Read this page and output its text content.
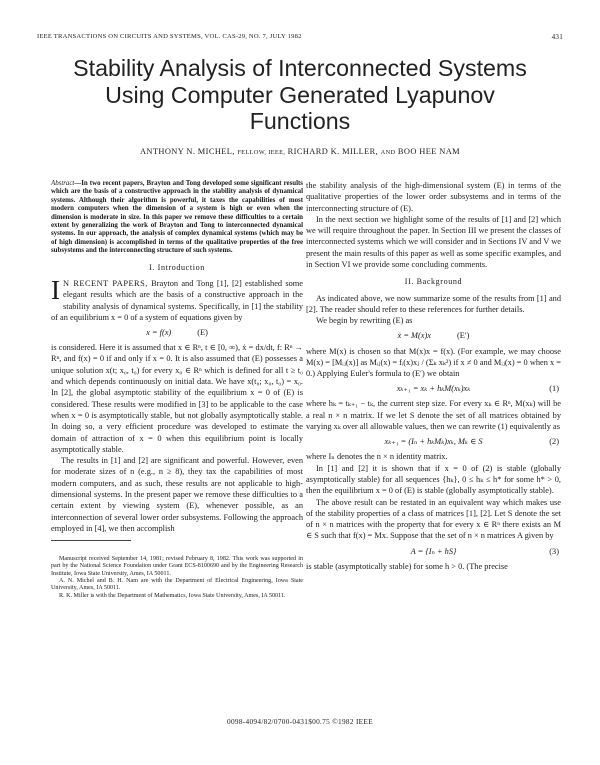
IEEE TRANSACTIONS ON CIRCUITS AND SYSTEMS, VOL. CAS-29, NO. 7, JULY 1982	431
Stability Analysis of Interconnected Systems
Using Computer Generated Lyapunov
Functions
ANTHONY N. MICHEL, FELLOW, IEEE, RICHARD K. MILLER, AND BOO HEE NAM
Abstract—In two recent papers, Brayton and Tong developed some significant results which are the basis of a constructive approach in the stability analysis of dynamical systems. Although their algorithm is powerful, it taxes the capabilities of most modern computers when the dimension of a system is high or even when the dimension is moderate in size. In this paper we remove these difficulties to a certain extent by generalizing the work of Brayton and Tong to interconnected dynamical systems. In our approach, the analysis of complex dynamical systems (which may be of high dimension) is accomplished in terms of the qualitative properties of the free subsystems and the interconnecting structure of such systems.
I. Introduction

I N RECENT PAPERS, Brayton and Tong [1], [2] established some elegant results which are the basis of a constructive approach in the stability analysis of dynamical systems. Specifically, in [1] the stability of an equilibrium x = 0 of a system of equations given by

x = f(x)	(E)

is considered. Here it is assumed that x ∈ Rⁿ, t ∈ [0, ∞), ẋ = dx/dt, f: Rⁿ → Rⁿ, and f(x) = 0 if and only if x = 0. It is also assumed that (E) possesses a unique solution x(t; x₀, t₀) for every x₀ ∈ Rⁿ which is defined for all t ≥ t₀ and which depends continuously on initial data. We have x(t₀; x₀, t₀) = x₀. In [2], the global asymptotic stability of the equilibrium x = 0 of (E) is considered. These results were modified in [3] to be applicable to the case when x = 0 is asymptotically stable, but not globally asymptotically stable. In doing so, a very efficient procedure was developed to estimate the domain of attraction of x = 0 when this equilibrium point is locally asymptotically stable.

The results in [1] and [2] are significant and powerful. However, even for moderate sizes of n (e.g., n ≥ 8), they tax the capabilities of most modern computers, and as such, these results are not applicable to high-dimensional systems. In the present paper we remove these difficulties to a certain extent by viewing system (E), whenever possible, as an interconnection of several lower order subsystems. Following the approach employed in [4], we then accomplish

Manuscript received September 14, 1981; revised February 8, 1982. This work was supported in part by the National Science Foundation under Grant ECS-8100690 and by the Engineering Research Institute, Iowa State University, Ames, IA 50011.
A. N. Michel and B. H. Nam are with the Department of Electrical Engineering, Iowa State University, Ames, IA 50011.
R. K. Miller is with the Department of Mathematics, Iowa State University, Ames, IA 50011.

the stability analysis of the high-dimensional system (E) in terms of the qualitative properties of the lower order subsystems and in terms of the interconnecting structure of (E).

In the next section we highlight some of the results of [1] and [2] which we will require throughout the paper. In Section III we present the classes of interconnected systems which we will consider and in Sections IV and V we present the main results of this paper as well as some specific examples, and in Section VI we provide some concluding comments.

II. Background

As indicated above, we now summarize some of the results from [1] and [2]. The reader should refer to these references for further details.

We begin by rewriting (E) as

ẋ = M(x)x	(E′)

where M(x) is chosen so that M(x)x = f(x). (For example, we may choose M(x) = [Mᵢⱼ(x)] as Mᵢⱼ(x) = fᵢ(x)xⱼ / (Σₖ xₖ²) if x ≠ 0 and Mᵢⱼ(x) = 0 when x = 0.) Applying Euler's formula to (E′) we obtain

xₖ₊₁ = xₖ + hₖM(xₖ)xₖ	(1)

where hₖ = tₖ₊₁ − tₖ, the current step size. For every xₖ ∈ Rⁿ, M(xₖ) will be a real n × n matrix. If we let S denote the set of all matrices obtained by varying xₖ over all allowable values, then we can rewrite (1) equivalently as

xₖ₊₁ = (Iₙ + hₖMₖ)xₖ, Mₖ ∈ S	(2)

where Iₙ denotes the n × n identity matrix.

In [1] and [2] it is shown that if x = 0 of (2) is stable (globally asymptotically stable) for all sequences {hₖ}, 0 ≤ hₖ ≤ h* for some h* > 0, then the equilibrium x = 0 of (E) is stable (globally asymptotically stable).

The above result can be restated in an equivalent way which makes use of the stability properties of a class of matrices [1], [2]. Let S denote the set of n × n matrices with the property that for every x ∈ Rⁿ there exists an M ∈ S such that f(x) = Mx. Suppose that the set of n × n matrices A given by

A = {Iₙ + hS}	(3)

is stable (asymptotically stable) for some h > 0. (The precise

0098-4094/82/0700-0431$00.75 ©1982 IEEE
